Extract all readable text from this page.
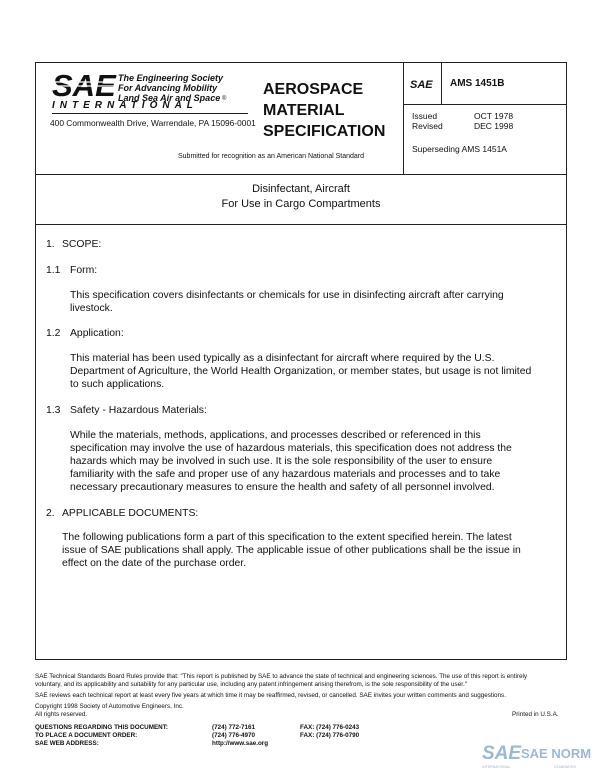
SAE The Engineering Society
For Advancing Mobility
Land Sea Air and Space
INTERNATIONAL
®
400 Commonwealth Drive, Warrendale, PA 15096-0001
AEROSPACE
MATERIAL
SPECIFICATION
Submitted for recognition as an American National Standard
SAE AMS 1451B
Issued	OCT 1978
Revised	DEC 1998
Superseding AMS 1451A
Disinfectant, Aircraft
For Use in Cargo Compartments
1. SCOPE:
1.1 Form:
This specification covers disinfectants or chemicals for use in disinfecting aircraft after carrying
livestock.
1.2 Application:
This material has been used typically as a disinfectant for aircraft where required by the U.S.
Department of Agriculture, the World Health Organization, or member states, but usage is not limited
to such applications.
1.3 Safety - Hazardous Materials:
While the materials, methods, applications, and processes described or referenced in this
specification may involve the use of hazardous materials, this specification does not address the
hazards which may be involved in such use. It is the sole responsibility of the user to ensure
familiarity with the safe and proper use of any hazardous materials and processes and to take
necessary precautionary measures to ensure the health and safety of all personnel involved.
2. APPLICABLE DOCUMENTS:
The following publications form a part of this specification to the extent specified herein. The latest
issue of SAE publications shall apply. The applicable issue of other publications shall be the issue in
effect on the date of the purchase order.
SAE Technical Standards Board Rules provide that: "This report is published by SAE to advance the state of technical and engineering sciences. The use of this report is entirely
voluntary, and its applicability and suitability for any particular use, including any patent infringement arising therefrom, is the sole responsibility of the user."
SAE reviews each technical report at least every five years at which time it may be reaffirmed, revised, or cancelled. SAE invites your written comments and suggestions.
Copyright 1998 Society of Automotive Engineers, Inc.
All rights reserved.	Printed in U.S.A.
QUESTIONS REGARDING THIS DOCUMENT:	(724) 772-7161	FAX: (724) 776-0243
TO PLACE A DOCUMENT ORDER:	(724) 776-4970	FAX: (724) 776-0790
SAE WEB ADDRESS:	http://www.sae.org	SAE SAE NORM
INTERNATIONAL	STANDARDS
